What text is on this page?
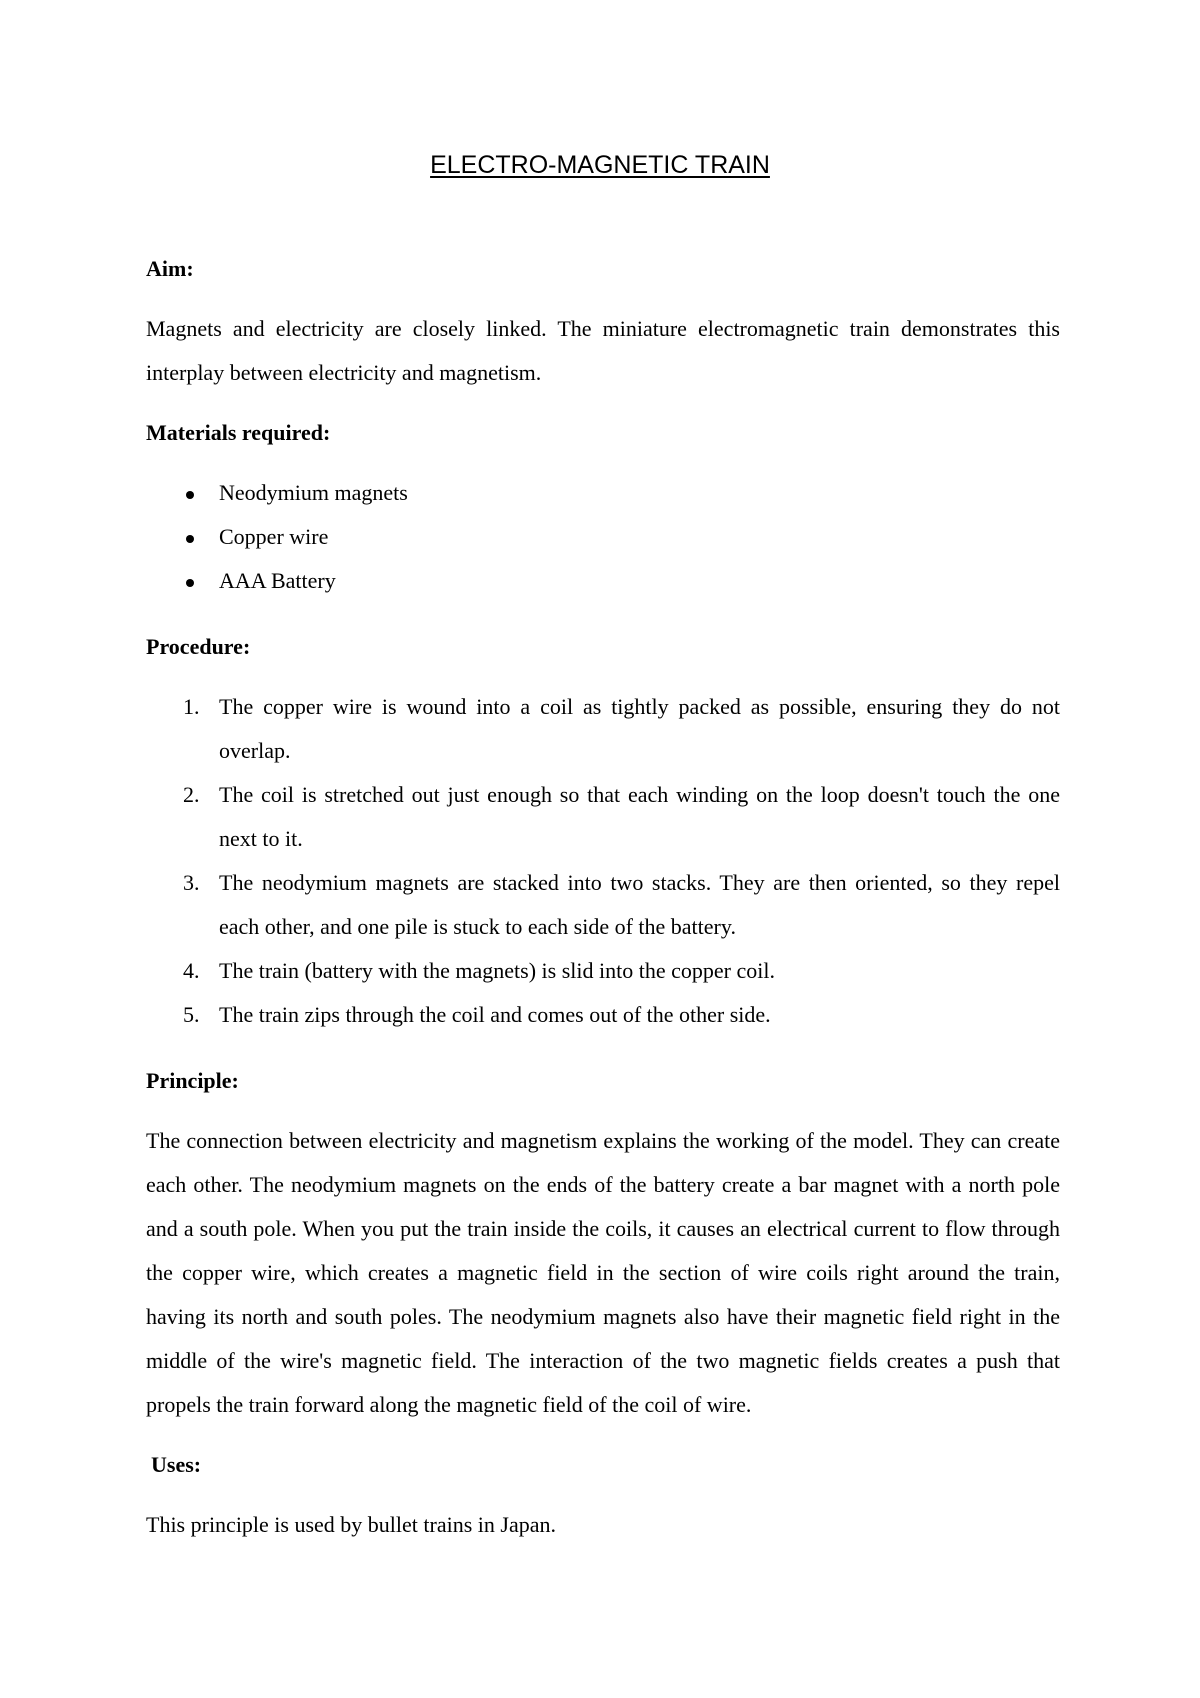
ELECTRO-MAGNETIC TRAIN

Aim:

Magnets and electricity are closely linked. The miniature electromagnetic train demonstrates this interplay between electricity and magnetism.

Materials required:

Neodymium magnets
Copper wire
AAA Battery

Procedure:

1. The copper wire is wound into a coil as tightly packed as possible, ensuring they do not overlap.
2. The coil is stretched out just enough so that each winding on the loop doesn't touch the one next to it.
3. The neodymium magnets are stacked into two stacks. They are then oriented, so they repel each other, and one pile is stuck to each side of the battery.
4. The train (battery with the magnets) is slid into the copper coil.
5. The train zips through the coil and comes out of the other side.

Principle:

The connection between electricity and magnetism explains the working of the model. They can create each other. The neodymium magnets on the ends of the battery create a bar magnet with a north pole and a south pole. When you put the train inside the coils, it causes an electrical current to flow through the copper wire, which creates a magnetic field in the section of wire coils right around the train, having its north and south poles. The neodymium magnets also have their magnetic field right in the middle of the wire's magnetic field. The interaction of the two magnetic fields creates a push that propels the train forward along the magnetic field of the coil of wire.

Uses:

This principle is used by bullet trains in Japan.
